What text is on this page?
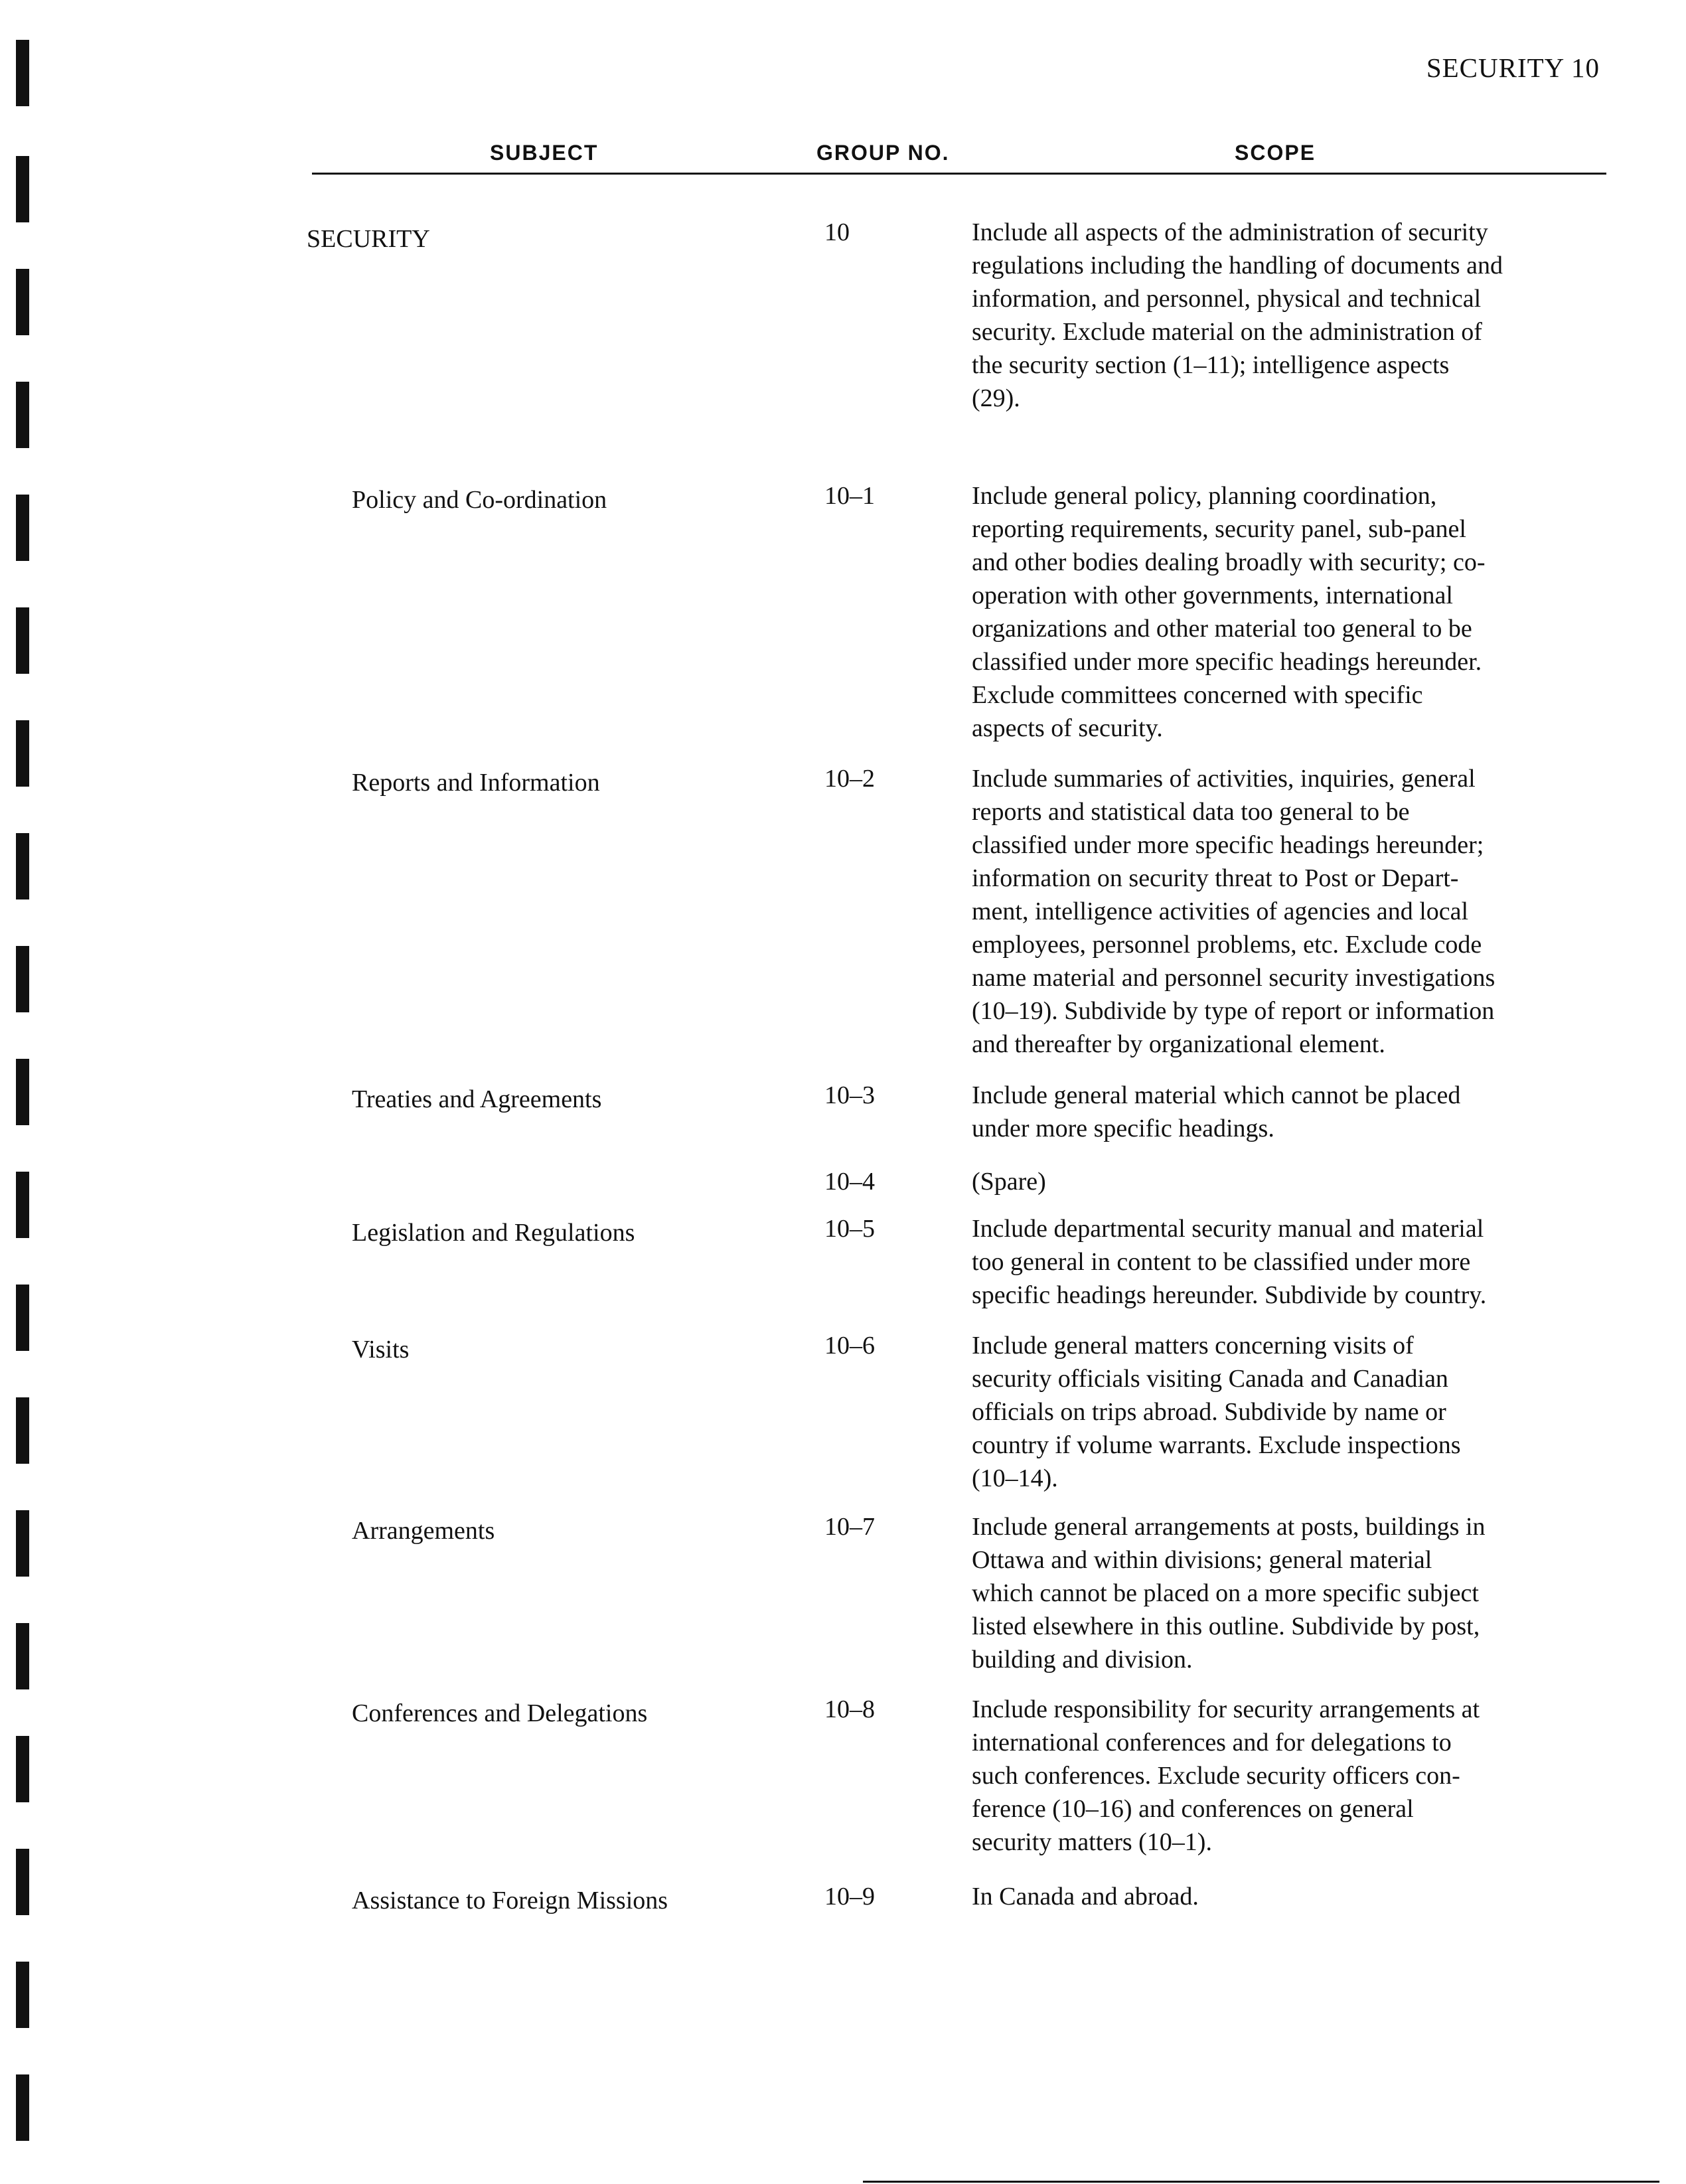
SECURITY 10
SUBJECT	GROUP NO.	SCOPE
SECURITY	10	Include all aspects of the administration of security
regulations including the handling of documents and
information, and personnel, physical and technical
security. Exclude material on the administration of
the security section (1–11); intelligence aspects
(29).
Policy and Co-ordination	10–1	Include general policy, planning coordination,
reporting requirements, security panel, sub-panel
and other bodies dealing broadly with security; co-
operation with other governments, international
organizations and other material too general to be
classified under more specific headings hereunder.
Exclude committees concerned with specific
aspects of security.
Reports and Information	10–2	Include summaries of activities, inquiries, general
reports and statistical data too general to be
classified under more specific headings hereunder;
information on security threat to Post or Depart-
ment, intelligence activities of agencies and local
employees, personnel problems, etc. Exclude code
name material and personnel security investigations
(10–19). Subdivide by type of report or information
and thereafter by organizational element.
Treaties and Agreements	10–3	Include general material which cannot be placed
under more specific headings.
10–4	(Spare)
Legislation and Regulations	10–5	Include departmental security manual and material
too general in content to be classified under more
specific headings hereunder. Subdivide by country.
Visits	10–6	Include general matters concerning visits of
security officials visiting Canada and Canadian
officials on trips abroad. Subdivide by name or
country if volume warrants. Exclude inspections
(10–14).
Arrangements	10–7	Include general arrangements at posts, buildings in
Ottawa and within divisions; general material
which cannot be placed on a more specific subject
listed elsewhere in this outline. Subdivide by post,
building and division.
Conferences and Delegations	10–8	Include responsibility for security arrangements at
international conferences and for delegations to
such conferences. Exclude security officers con-
ference (10–16) and conferences on general
security matters (10–1).
Assistance to Foreign Missions	10–9	In Canada and abroad.
